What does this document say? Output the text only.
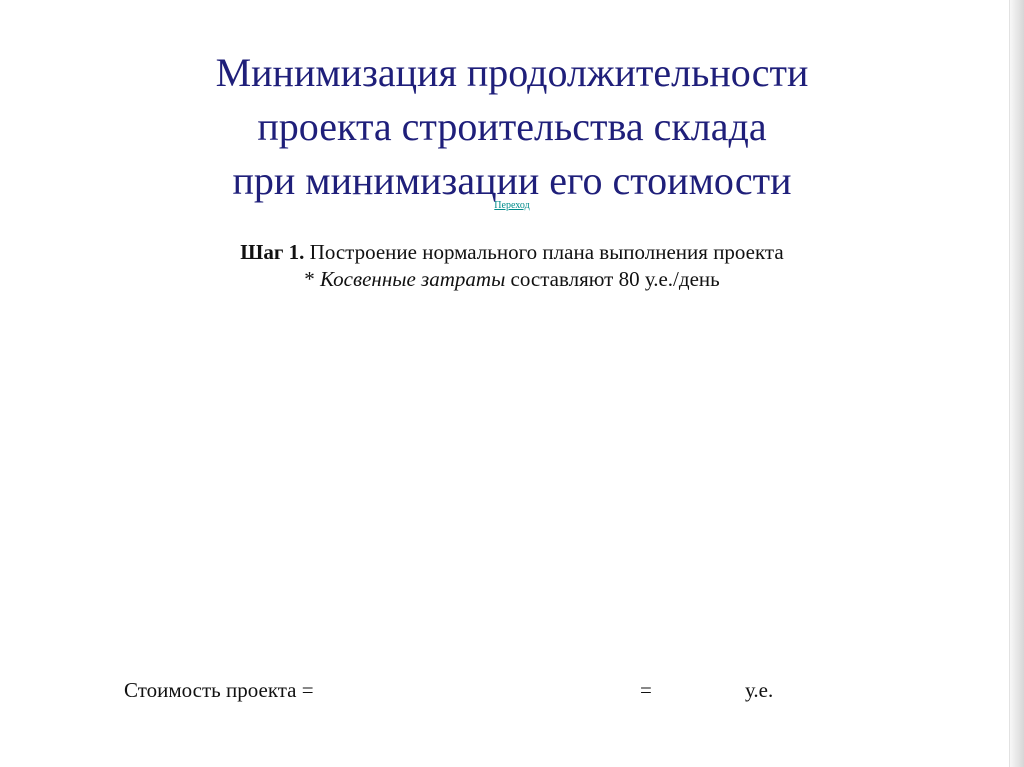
Минимизация продолжительности
проекта строительства склада
при минимизации его стоимости
Переход
Шаг 1. Построение нормального плана выполнения проекта
* Косвенные затраты составляют 80 у.е./день
Стоимость проекта =	=	у.е.
